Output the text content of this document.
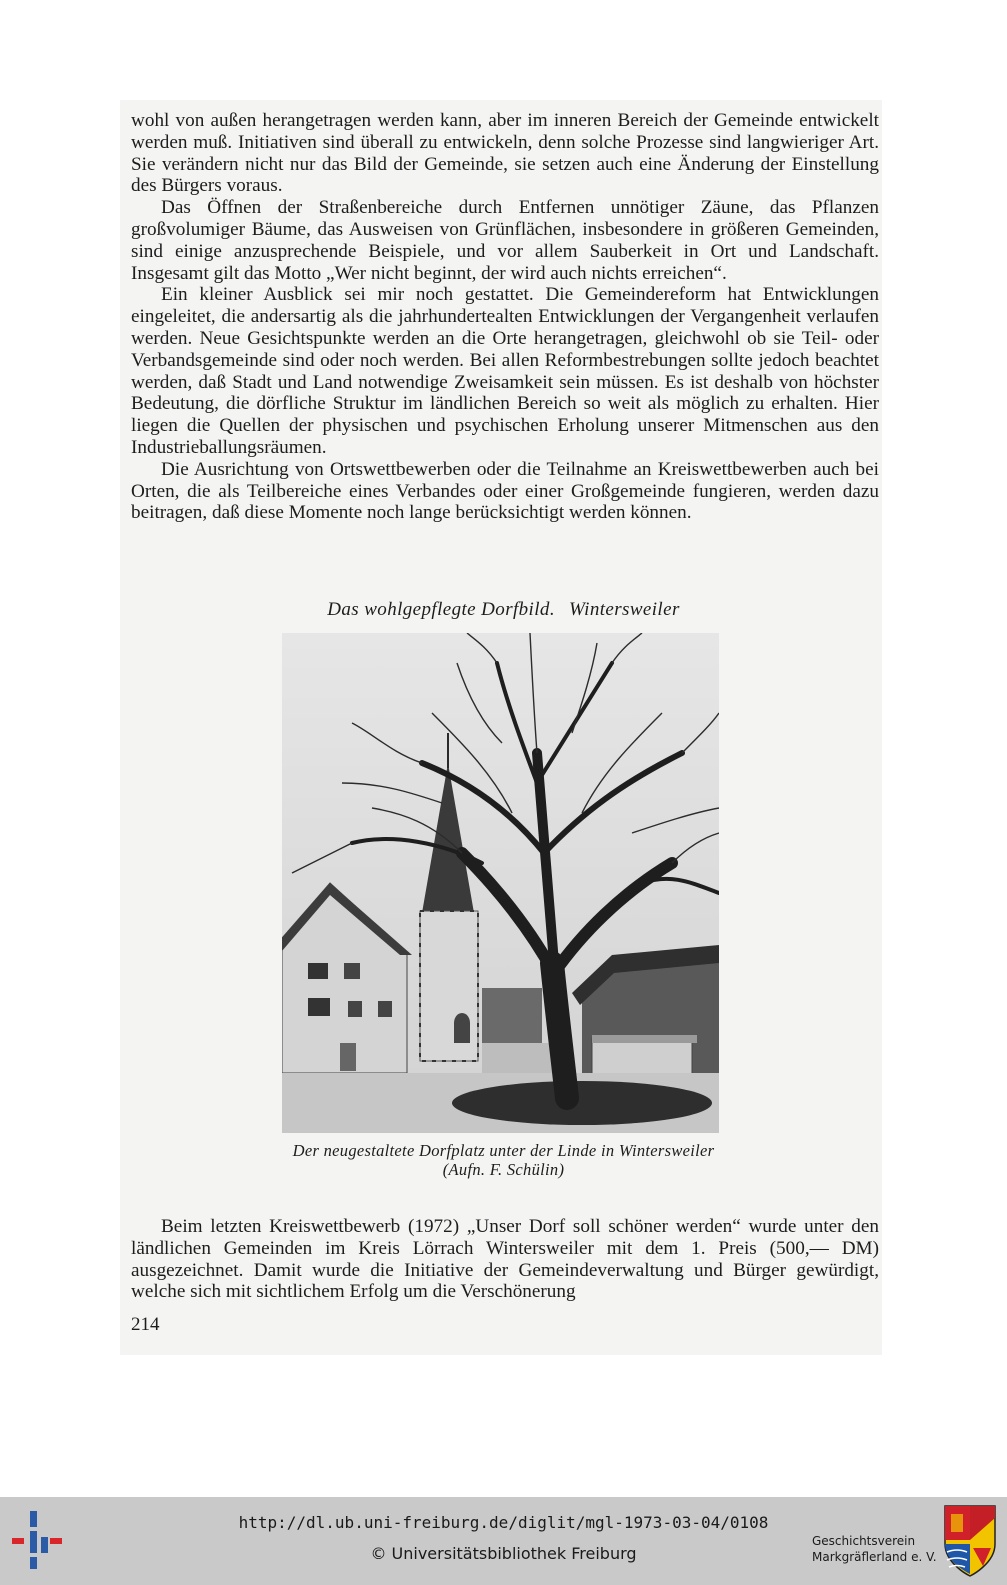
wohl von außen herangetragen werden kann, aber im inneren Bereich der Gemeinde entwickelt werden muß. Initiativen sind überall zu entwickeln, denn solche Prozesse sind langwieriger Art. Sie verändern nicht nur das Bild der Gemeinde, sie setzen auch eine Änderung der Einstellung des Bürgers voraus.

Das Öffnen der Straßenbereiche durch Entfernen unnötiger Zäune, das Pflanzen großvolumiger Bäume, das Ausweisen von Grünflächen, insbesondere in größeren Gemeinden, sind einige anzusprechende Beispiele, und vor allem Sauberkeit in Ort und Landschaft. Insgesamt gilt das Motto „Wer nicht beginnt, der wird auch nichts erreichen“.

Ein kleiner Ausblick sei mir noch gestattet. Die Gemeindereform hat Entwicklungen eingeleitet, die andersartig als die jahrhundertealten Entwicklungen der Vergangenheit verlaufen werden. Neue Gesichtspunkte werden an die Orte herangetragen, gleichwohl ob sie Teil- oder Verbandsgemeinde sind oder noch werden. Bei allen Reformbestrebungen sollte jedoch beachtet werden, daß Stadt und Land notwendige Zweisamkeit sein müssen. Es ist deshalb von höchster Bedeutung, die dörfliche Struktur im ländlichen Bereich so weit als möglich zu erhalten. Hier liegen die Quellen der physischen und psychischen Erholung unserer Mitmenschen aus den Industrieballungsräumen.

Die Ausrichtung von Ortswettbewerben oder die Teilnahme an Kreiswettbewerben auch bei Orten, die als Teilbereiche eines Verbandes oder einer Großgemeinde fungieren, werden dazu beitragen, daß diese Momente noch lange berücksichtigt werden können.

Das wohlgepflegte Dorfbild. Wintersweiler
Der neugestaltete Dorfplatz unter der Linde in Wintersweiler
(Aufn. F. Schülin)

Beim letzten Kreiswettbewerb (1972) „Unser Dorf soll schöner werden“ wurde unter den ländlichen Gemeinden im Kreis Lörrach Wintersweiler mit dem 1. Preis (500,— DM) ausgezeichnet. Damit wurde die Initiative der Gemeindeverwaltung und Bürger gewürdigt, welche sich mit sichtlichem Erfolg um die Verschönerung

214
http://dl.ub.uni-freiburg.de/diglit/mgl-1973-03-04/0108
© Universitätsbibliothek Freiburg
Geschichtsverein
Markgräflerland e. V.
